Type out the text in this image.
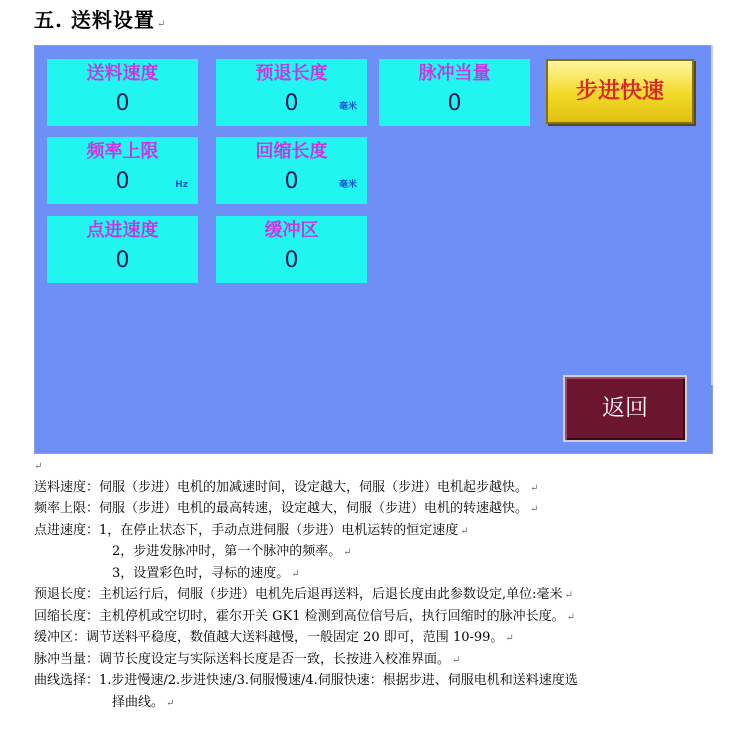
五. 送料设置 ↵
送料速度
0
预退长度
0	毫米
脉冲当量
0
频率上限
0	Hz
回缩长度
0	毫米
点进速度
0
缓冲区
0
步进快速
返回
↵
送料速度：伺服（步进）电机的加减速时间，设定越大，伺服（步进）电机起步越快。 ↵
频率上限：伺服（步进）电机的最高转速，设定越大，伺服（步进）电机的转速越快。 ↵
点进速度：1，在停止状态下，手动点进伺服（步进）电机运转的恒定速度 ↵
2，步进发脉冲时，第一个脉冲的频率。 ↵
3，设置彩色时，寻标的速度。 ↵
预退长度：主机运行后，伺服（步进）电机先后退再送料，后退长度由此参数设定,单位:毫米 ↵
回缩长度：主机停机或空切时，霍尔开关 GK1 检测到高位信号后，执行回缩时的脉冲长度。 ↵
缓冲区：调节送料平稳度，数值越大送料越慢，一般固定 20 即可，范围 10-99。 ↵
脉冲当量：调节长度设定与实际送料长度是否一致，长按进入校准界面。 ↵
曲线选择：1.步进慢速/2.步进快速/3.伺服慢速/4.伺服快速：根据步进、伺服电机和送料速度选
择曲线。 ↵
